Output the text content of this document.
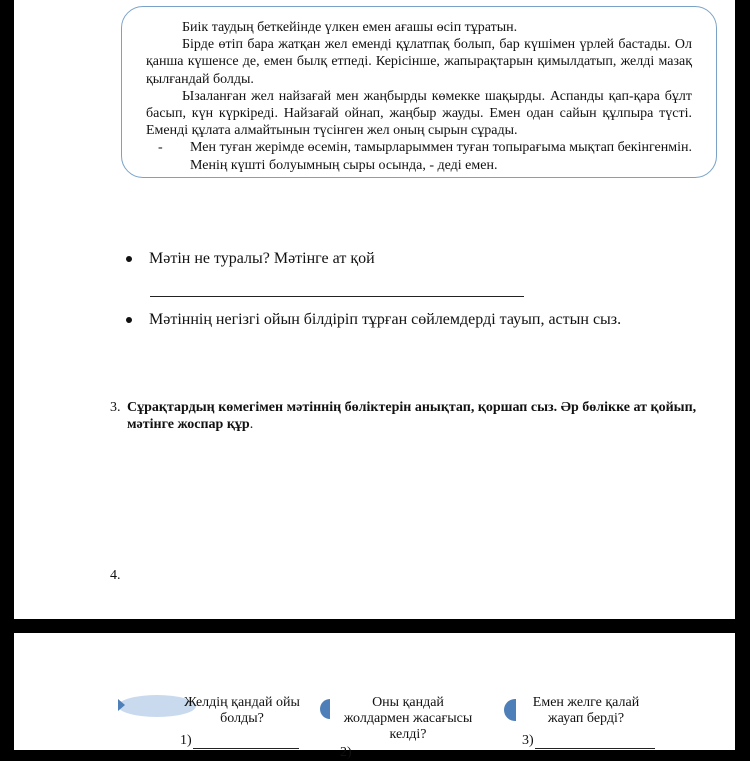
Биік таудың беткейінде үлкен емен ағашы өсіп тұратын.

Бірде өтіп бара жатқан жел еменді құлатпақ болып, бар күшімен үрлей бастады. Ол қанша күшенсе де, емен былқ етпеді. Керісінше, жапырақтарын қимылдатып, желді мазақ қылғандай болды.

Ызаланған жел найзағай мен жаңбырды көмекке шақырды. Аспанды қап-қара бұлт басып, күн күркіреді. Найзағай ойнап, жаңбыр жауды. Емен одан сайын құлпыра түсті. Еменді құлата алмайтынын түсінген жел оның сырын сұрады.

-	Мен туған жерімде өсемін, тамырларыммен туған топырағыма мықтап бекінгенмін. Менің күшті болуымның сыры осында, - деді емен.

Мәтін не туралы? Мәтінге ат қой
Мәтіннің негізгі ойын білдіріп тұрған сөйлемдерді тауып, астын сыз.
3. Сұрақтардың көмегімен мәтіннің бөліктерін анықтап, қоршап сыз. Әр бөлікке ат қойып, мәтінге жоспар құр.
4.
Желдің қандай ойы болды?
Оны қандай жолдармен жасағысы келді?
Емен желге қалай жауап берді?
1)
2)
3)
